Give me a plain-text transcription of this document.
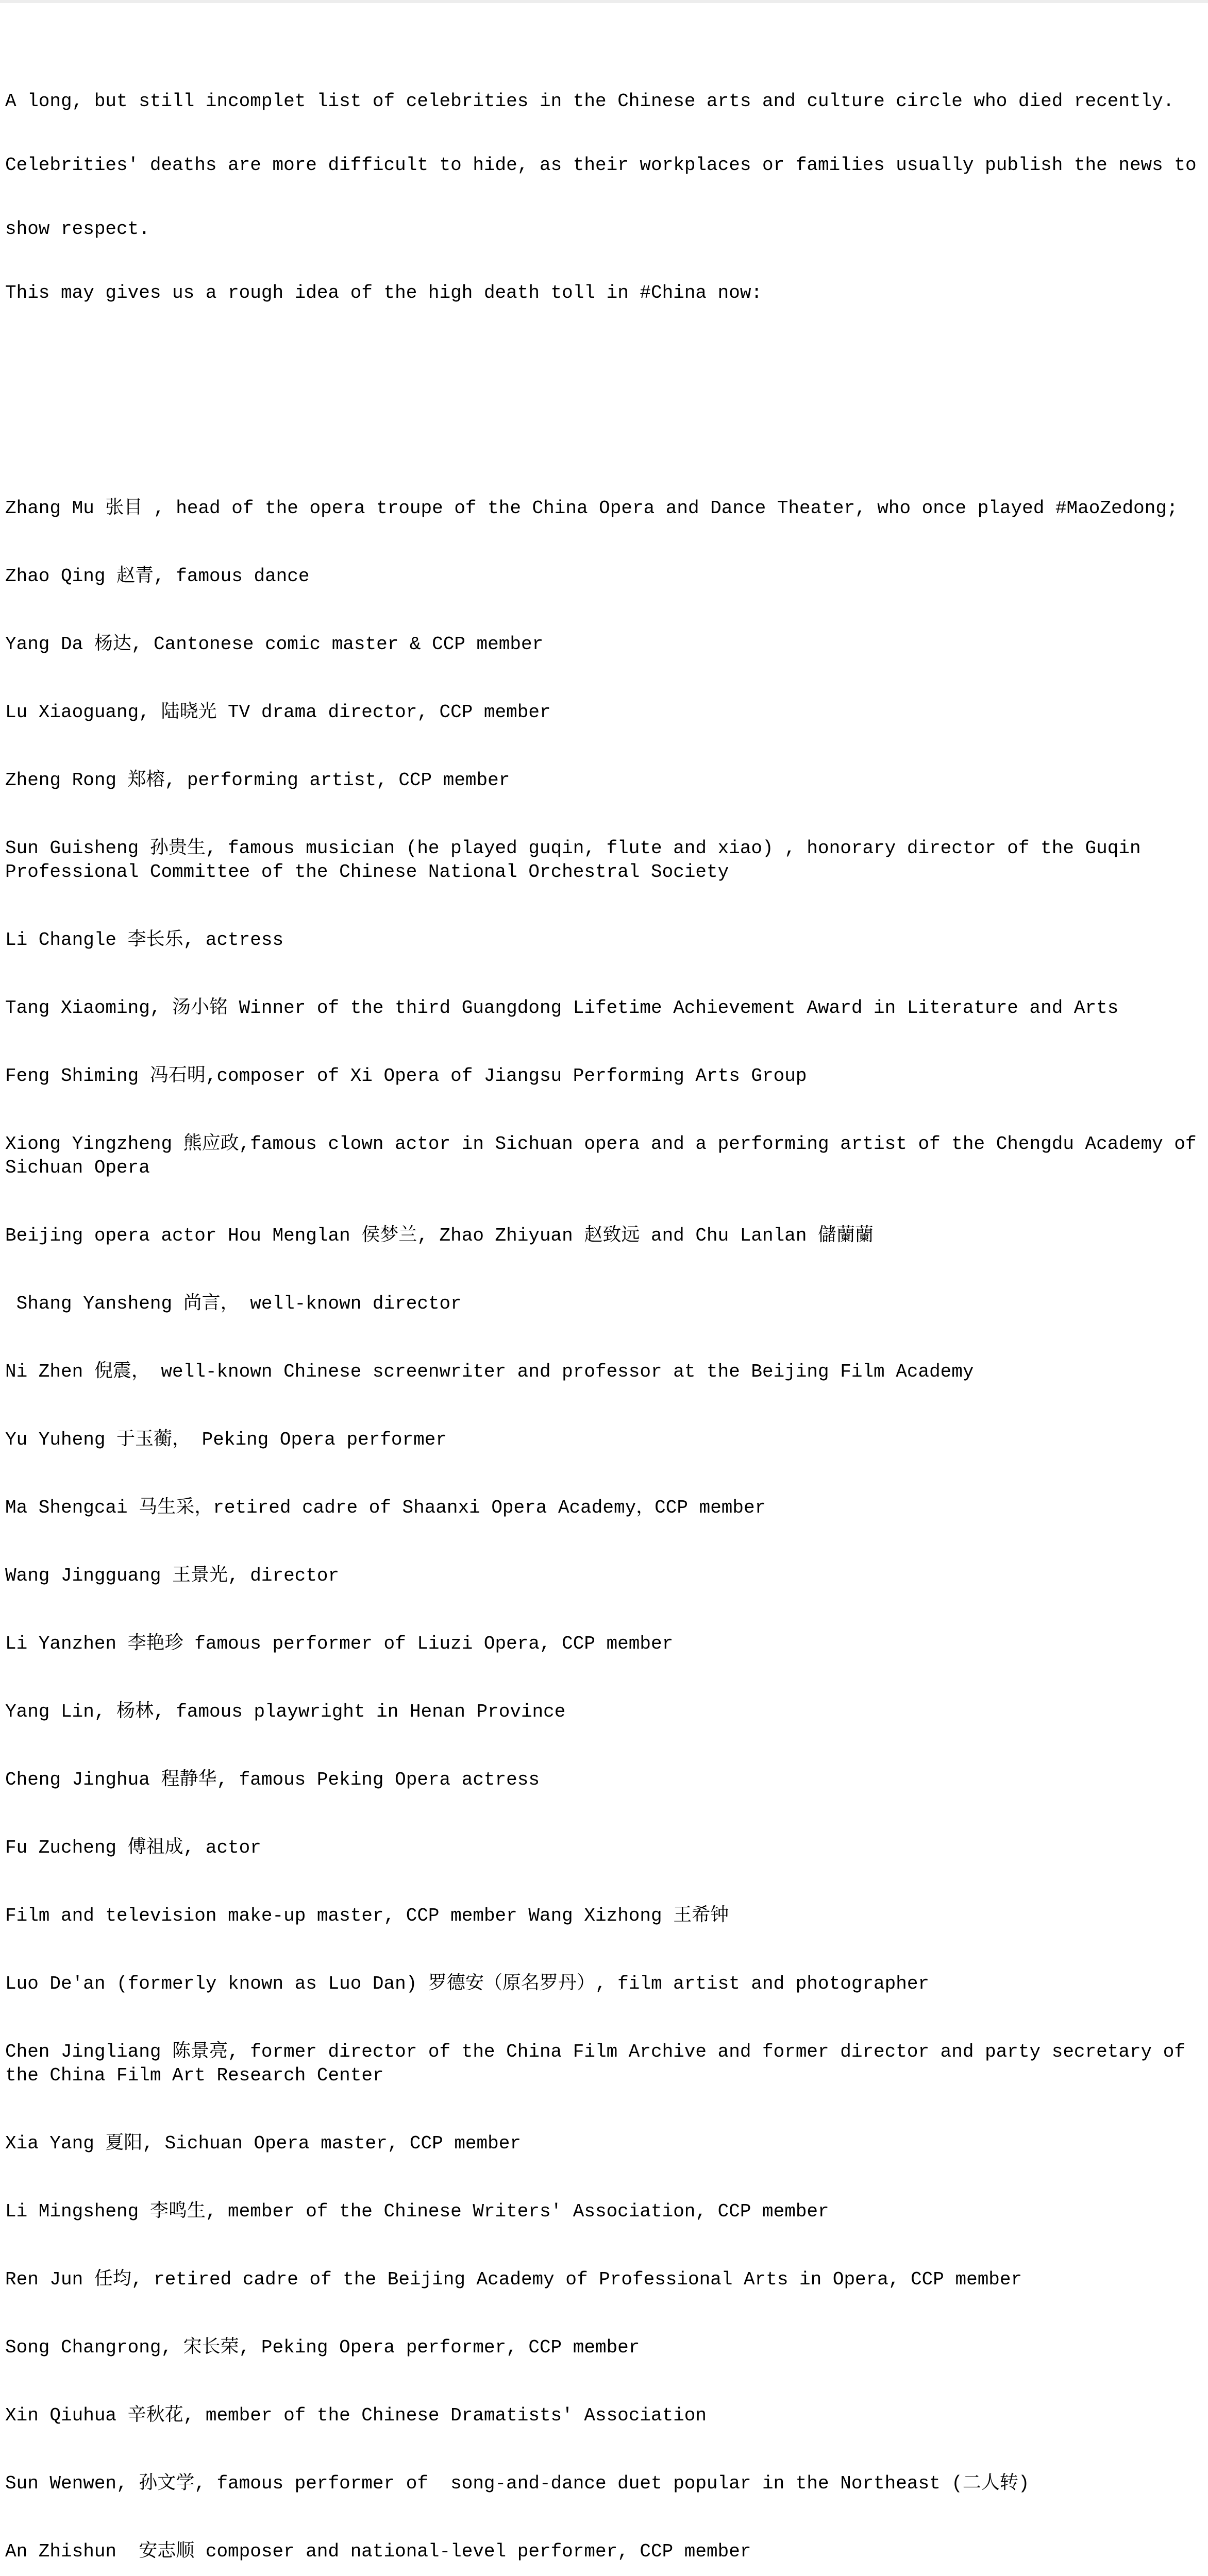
A long, but still incomplet list of celebrities in the Chinese arts and culture circle who died recently.

Celebrities' deaths are more difficult to hide, as their workplaces or families usually publish the news to

show respect.

This may gives us a rough idea of the high death toll in #China now:

Zhang Mu 张目 , head of the opera troupe of the China Opera and Dance Theater, who once played #MaoZedong;

Zhao Qing 赵青, famous dance

Yang Da 杨达, Cantonese comic master & CCP member

Lu Xiaoguang, 陆晓光 TV drama director, CCP member

Zheng Rong 郑榕, performing artist, CCP member

Sun Guisheng 孙贵生, famous musician (he played guqin, flute and xiao) , honorary director of the Guqin
Professional Committee of the Chinese National Orchestral Society

Li Changle 李长乐, actress

Tang Xiaoming, 汤小铭 Winner of the third Guangdong Lifetime Achievement Award in Literature and Arts

Feng Shiming 冯石明,composer of Xi Opera of Jiangsu Performing Arts Group

Xiong Yingzheng 熊应政,famous clown actor in Sichuan opera and a performing artist of the Chengdu Academy of
Sichuan Opera

Beijing opera actor Hou Menglan 侯梦兰, Zhao Zhiyuan 赵致远 and Chu Lanlan 儲蘭蘭

Shang Yansheng 尚言， well-known director

Ni Zhen 倪震， well-known Chinese screenwriter and professor at the Beijing Film Academy

Yu Yuheng 于玉蘅， Peking Opera performer

Ma Shengcai 马生采，retired cadre of Shaanxi Opera Academy，CCP member

Wang Jingguang 王景光, director

Li Yanzhen 李艳珍 famous performer of Liuzi Opera, CCP member

Yang Lin, 杨林, famous playwright in Henan Province

Cheng Jinghua 程静华, famous Peking Opera actress

Fu Zucheng 傅祖成, actor

Film and television make-up master, CCP member Wang Xizhong 王希钟

Luo De'an (formerly known as Luo Dan) 罗德安（原名罗丹）, film artist and photographer

Chen Jingliang 陈景亮, former director of the China Film Archive and former director and party secretary of
the China Film Art Research Center

Xia Yang 夏阳, Sichuan Opera master, CCP member

Li Mingsheng 李鸣生, member of the Chinese Writers' Association, CCP member

Ren Jun 任均, retired cadre of the Beijing Academy of Professional Arts in Opera, CCP member

Song Changrong, 宋长荣, Peking Opera performer, CCP member

Xin Qiuhua 辛秋花, member of the Chinese Dramatists' Association

Sun Wenwen, 孙文学, famous performer of  song-and-dance duet popular in the Northeast (二人转)

An Zhishun  安志顺 composer and national-level performer, CCP member
